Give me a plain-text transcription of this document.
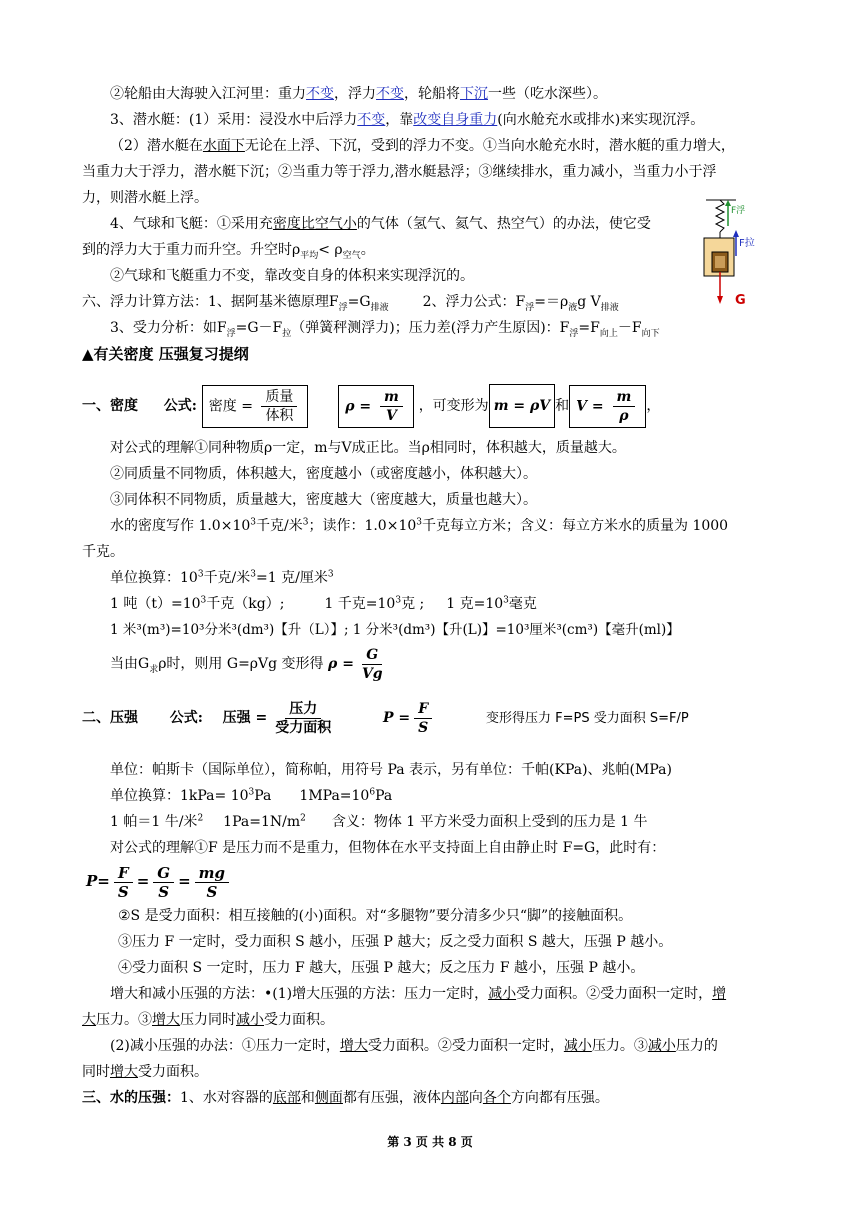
②轮船由大海驶入江河里：重力不变，浮力不变，轮船将下沉一些（吃水深些）。
3、潜水艇：(1）采用：浸没水中后浮力不变，靠改变自身重力(向水舱充水或排水)来实现沉浮。
（2）潜水艇在水面下无论在上浮、下沉，受到的浮力不变。①当向水舱充水时，潜水艇的重力增大，
当重力大于浮力，潜水艇下沉；②当重力等于浮力,潜水艇悬浮；③继续排水，重力减小，当重力小于浮
力，则潜水艇上浮。
4、气球和飞艇：①采用充密度比空气小的气体（氢气、氦气、热空气）的办法，使它受
到的浮力大于重力而升空。升空时$\rho_{平均}< \rho_{空气}$。
②气球和飞艇重力不变，靠改变自身的体积来实现浮沉的。
六、浮力计算方法：1、据阿基米德原理$F_浮=G_{排液}$ 2、浮力公式：$F_浮==\rho_液g$ $V_{排液}$
3、受力分析：如$F_浮=G-F_拉$（弹簧秤测浮力)；压力差(浮力产生原因)：$F_浮=F_{向上}-F_{向下}$
F浮
F拉
G
▲有关密度 压强复习提纲
一、密度 公式: 密度 = $\frac{\text{质量}}{\text{体积}}$	$\rho = \frac{m}{V}$ ，可变形为 m = ρV 和 $V = \frac{m}{\rho}$ ，
对公式的理解①同种物质ρ一定，m与V成正比。当ρ相同时，体积越大，质量越大。
②同质量不同物质，体积越大，密度越小（或密度越小，体积越大）。
③同体积不同物质，质量越大，密度越大（密度越大，质量也越大）。
水的密度写作 $1.0\times 10^3$千克/米$^3$；读作：$1.0\times 10^3$千克每立方米；含义：每立方米水的质量为 1000
千克。
单位换算：$10^3$千克/米$^3$=1 克/厘米$^3$
1 吨$(t)=10^3$千克（kg）;	1 千克$=10^3$克 ; 1 克$=10^3$毫克
1 米³(m³)=10³分米³(dm³)【升（L）】; 1 分米³(dm³)【升(L)】=10³厘米³(cm³)【毫升(ml)】
当由$G_求\rho$时，则用 G=ρVg 变形得 $\rho = \frac{G}{Vg}$
二、压强 公式: 压强 = $\frac{\text{压力}}{\text{受力面积}}$	$P = \frac{F}{S}$	变形得压力 F=PS 受力面积 S=F/P
单位：帕斯卡（国际单位），简称帕，用符号 Pa 表示，另有单位：千帕(KPa)、兆帕(MPa)
单位换算：$1kPa= 10^3Pa$ $1MPa=10^6Pa$
1 帕＝1 牛/米$^2$ $1Pa=1N/m^2$ 含义：物体 1 平方米受力面积上受到的压力是 1 牛
对公式的理解①F 是压力而不是重力，但物体在水平支持面上自由静止时 F=G，此时有：
$P= \frac{F}{S} = \frac{G}{S} = \frac{mg}{S}$
②S 是受力面积：相互接触的(小)面积。对“多腿物”要分清多少只“脚”的接触面积。
③压力 F 一定时，受力面积 S 越小，压强 P 越大；反之受力面积 S 越大，压强 P 越小。
④受力面积 S 一定时，压力 F 越大，压强 P 越大；反之压力 F 越小，压强 P 越小。
增大和减小压强的方法：•(1)增大压强的方法：压力一定时，减小受力面积。②受力面积一定时，增
大压力。③增大压力同时减小受力面积。
(2)减小压强的办法：①压力一定时，增大受力面积。②受力面积一定时，减小压力。③减小压力的
同时增大受力面积。
三、水的压强：1、水对容器的底部和侧面都有压强，液体内部向各个方向都有压强。
第 3 页 共 8 页
